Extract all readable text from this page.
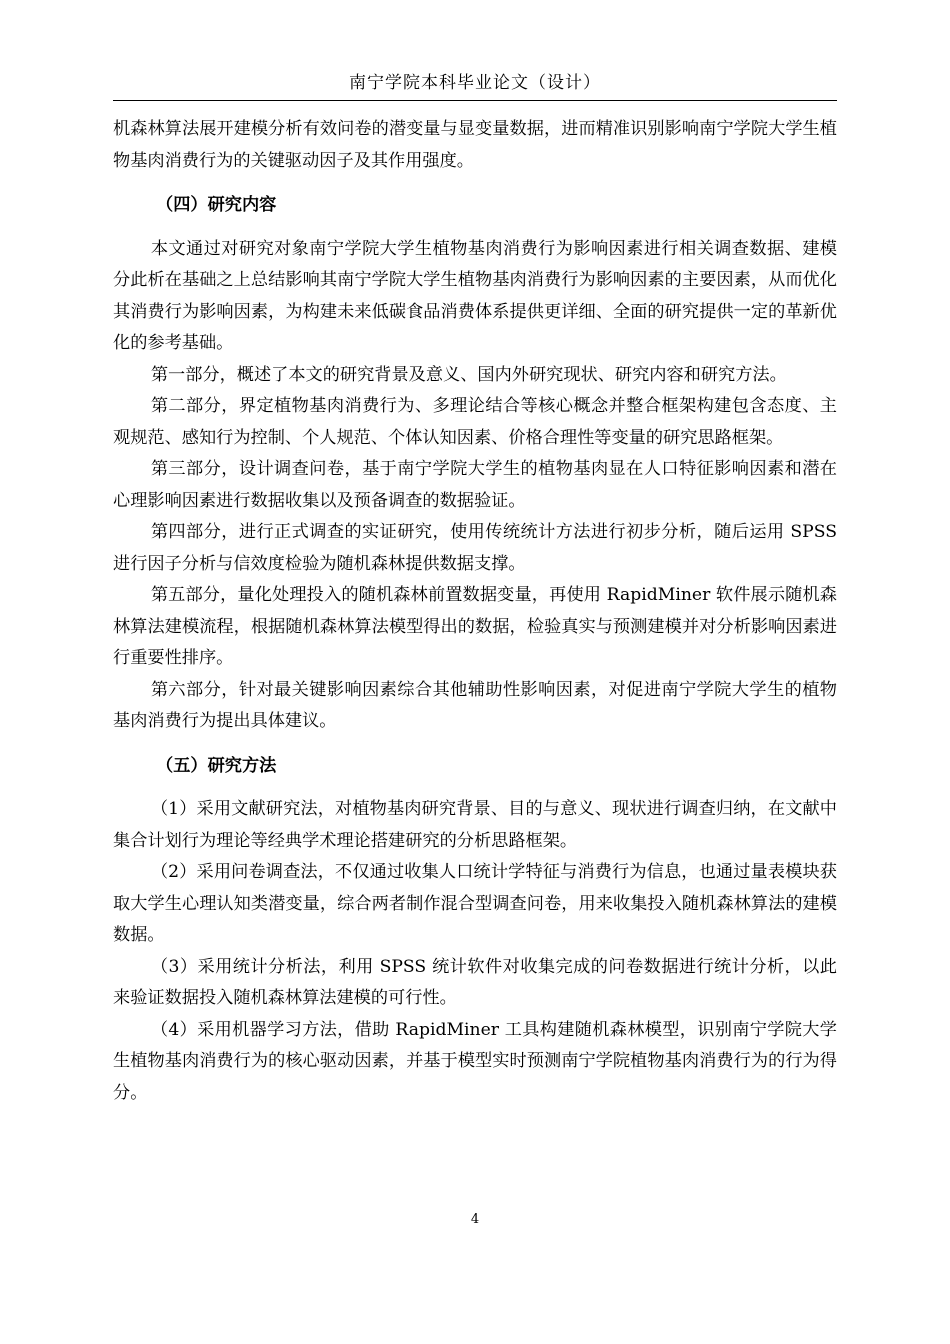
南宁学院本科毕业论文（设计）

机森林算法展开建模分析有效问卷的潜变量与显变量数据，进而精准识别影响南宁学院大学生植物基肉消费行为的关键驱动因子及其作用强度。

（四）研究内容

本文通过对研究对象南宁学院大学生植物基肉消费行为影响因素进行相关调查数据、建模分此析在基础之上总结影响其南宁学院大学生植物基肉消费行为影响因素的主要因素，从而优化其消费行为影响因素，为构建未来低碳食品消费体系提供更详细、全面的研究提供一定的革新优化的参考基础。

第一部分，概述了本文的研究背景及意义、国内外研究现状、研究内容和研究方法。

第二部分，界定植物基肉消费行为、多理论结合等核心概念并整合框架构建包含态度、主观规范、感知行为控制、个人规范、个体认知因素、价格合理性等变量的研究思路框架。

第三部分，设计调查问卷，基于南宁学院大学生的植物基肉显在人口特征影响因素和潜在心理影响因素进行数据收集以及预备调查的数据验证。

第四部分，进行正式调查的实证研究，使用传统统计方法进行初步分析，随后运用 SPSS 进行因子分析与信效度检验为随机森林提供数据支撑。

第五部分，量化处理投入的随机森林前置数据变量，再使用 RapidMiner 软件展示随机森林算法建模流程，根据随机森林算法模型得出的数据，检验真实与预测建模并对分析影响因素进行重要性排序。

第六部分，针对最关键影响因素综合其他辅助性影响因素，对促进南宁学院大学生的植物基肉消费行为提出具体建议。

（五）研究方法

（1）采用文献研究法，对植物基肉研究背景、目的与意义、现状进行调查归纳，在文献中集合计划行为理论等经典学术理论搭建研究的分析思路框架。

（2）采用问卷调查法，不仅通过收集人口统计学特征与消费行为信息，也通过量表模块获取大学生心理认知类潜变量，综合两者制作混合型调查问卷，用来收集投入随机森林算法的建模数据。

（3）采用统计分析法，利用 SPSS 统计软件对收集完成的问卷数据进行统计分析，以此来验证数据投入随机森林算法建模的可行性。

（4）采用机器学习方法，借助 RapidMiner 工具构建随机森林模型，识别南宁学院大学生植物基肉消费行为的核心驱动因素，并基于模型实时预测南宁学院植物基肉消费行为的行为得分。

4
